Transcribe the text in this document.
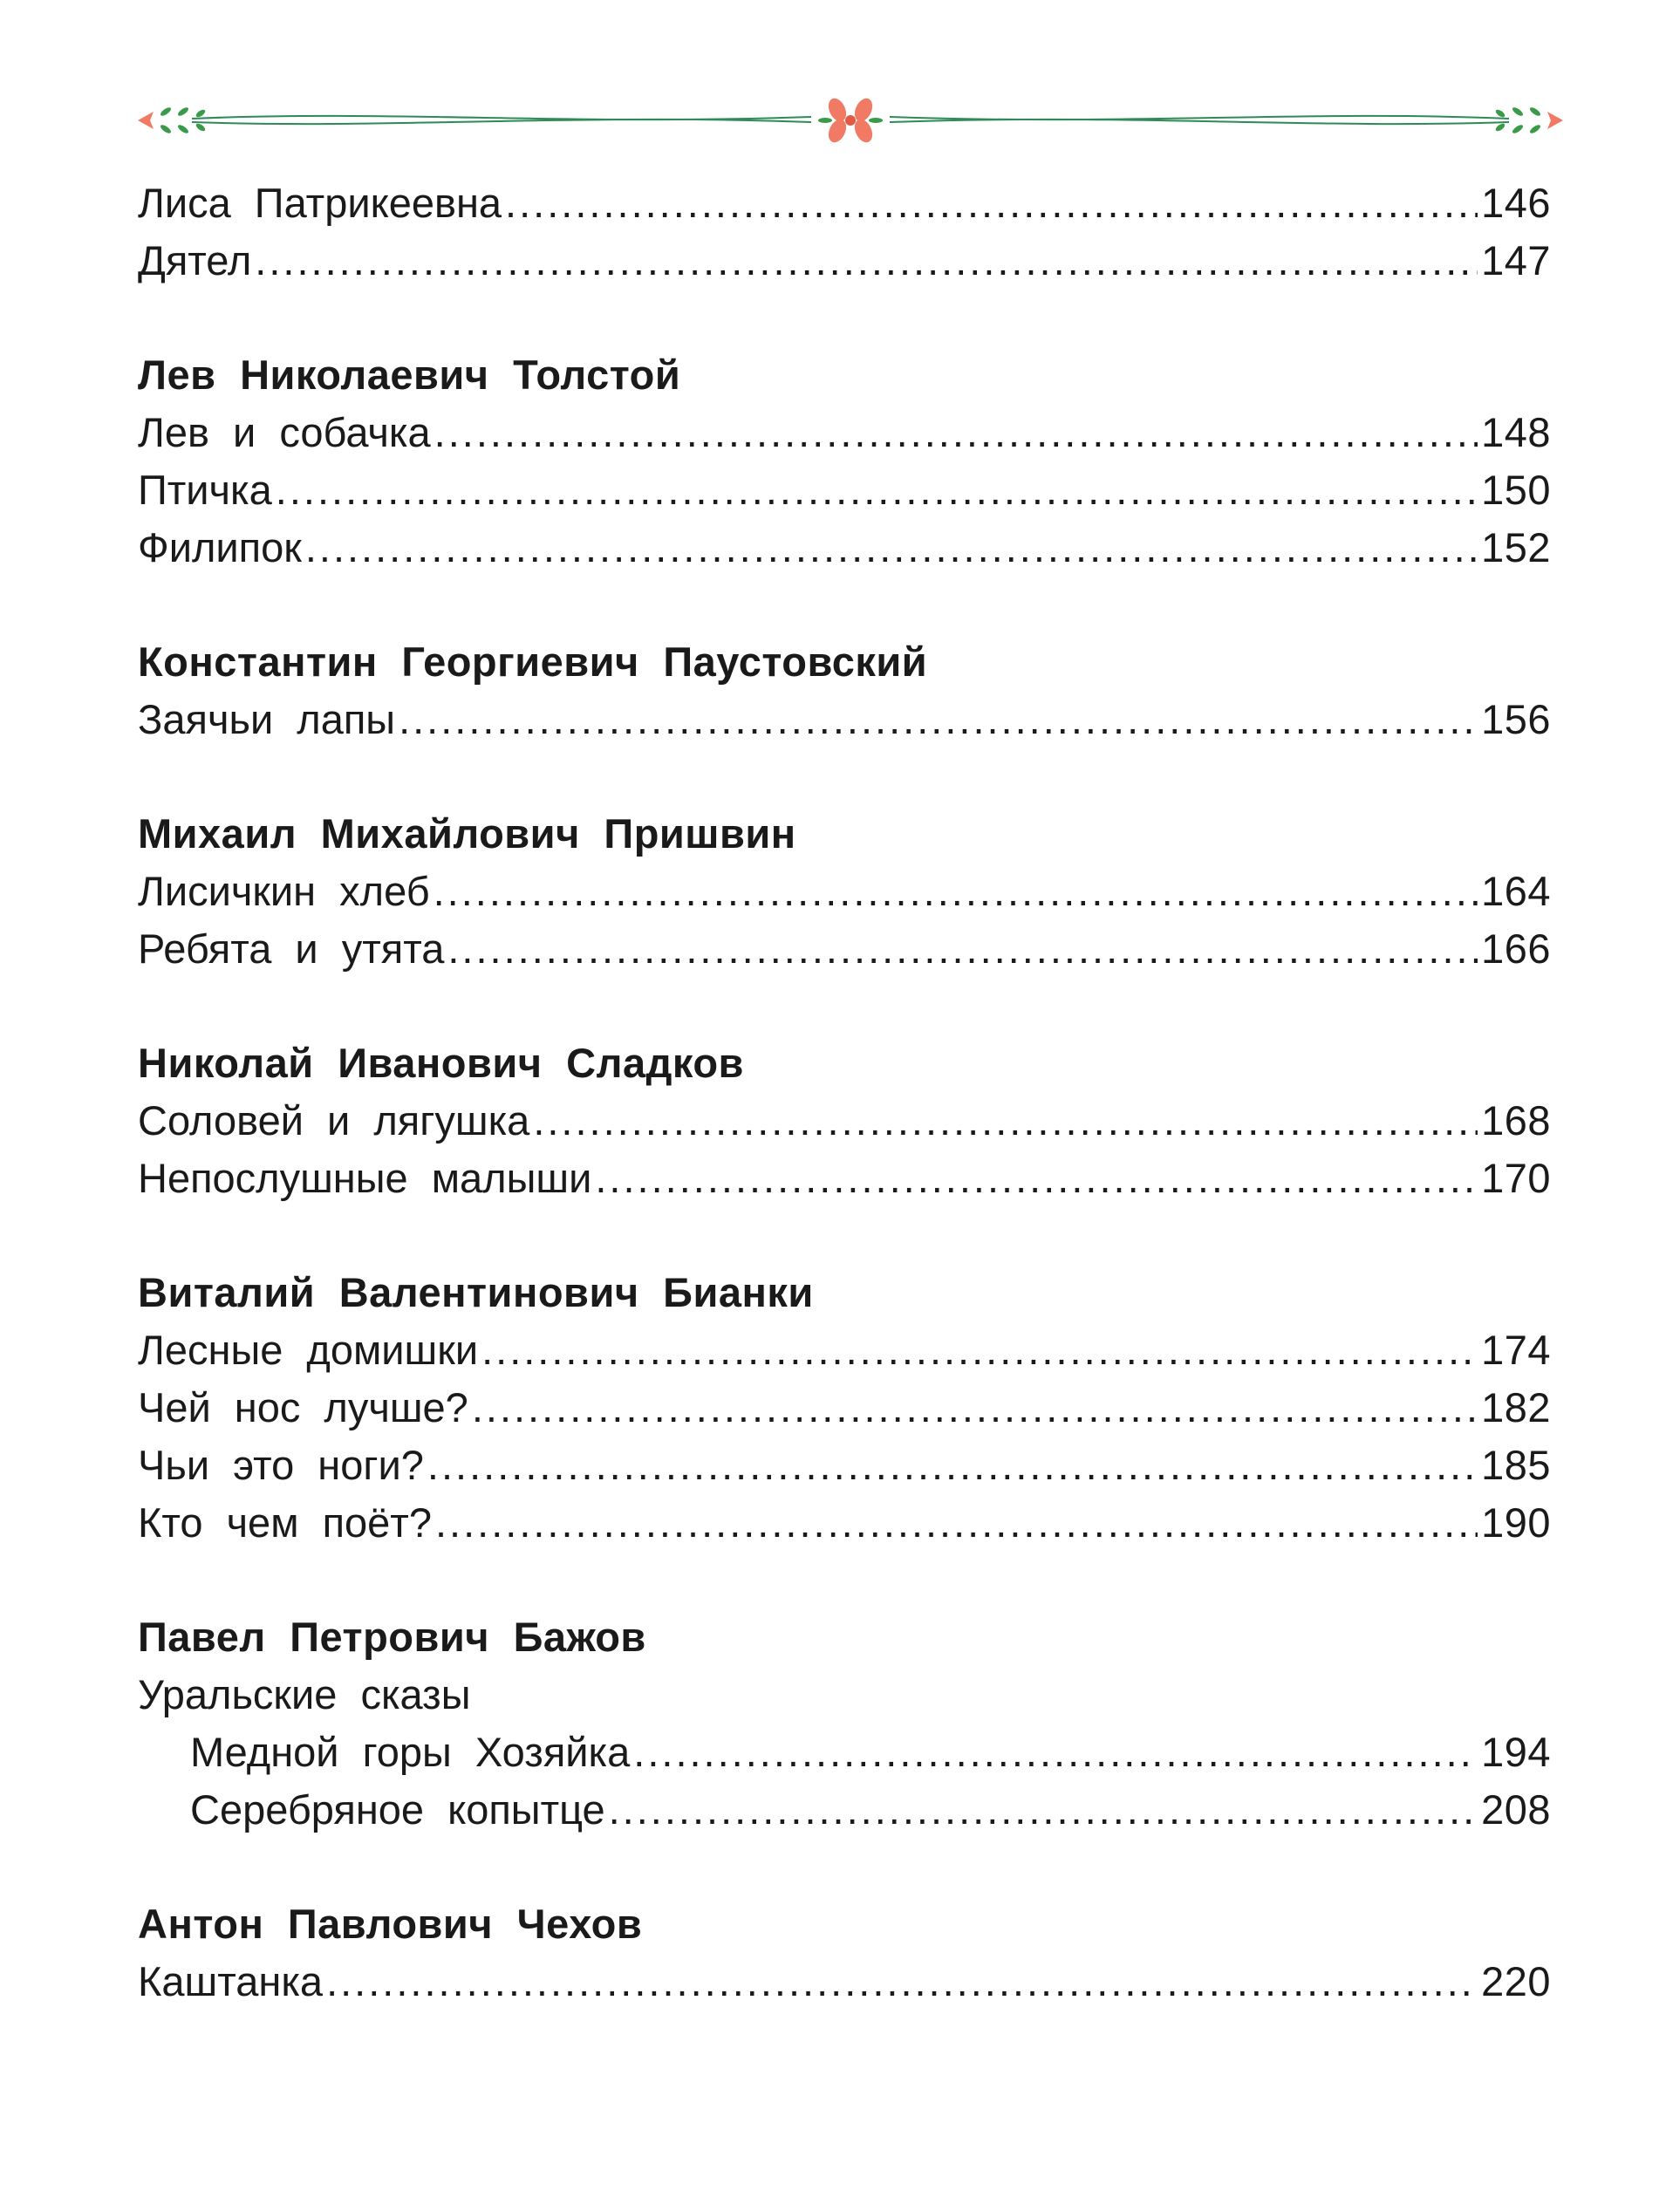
Лиса Патрикеевна .....	146
Дятел .....	147
Лев Николаевич Толстой
Лев и собачка .....	148
Птичка .....	150
Филипок .....	152
Константин Георгиевич Паустовский
Заячьи лапы .....	156
Михаил Михайлович Пришвин
Лисичкин хлеб .....	164
Ребята и утята .....	166
Николай Иванович Сладков
Соловей и лягушка .....	168
Непослушные малыши .....	170
Виталий Валентинович Бианки
Лесные домишки .....	174
Чей нос лучше? .....	182
Чьи это ноги? .....	185
Кто чем поёт? .....	190
Павел Петрович Бажов
Уральские сказы
Медной горы Хозяйка .....	194
Серебряное копытце .....	208
Антон Павлович Чехов
Каштанка .....	220
